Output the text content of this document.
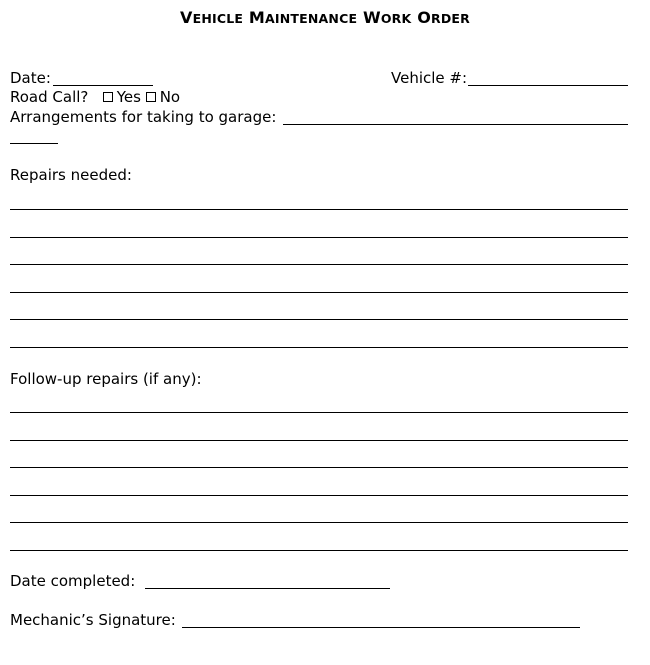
VEHICLE MAINTENANCE WORK ORDER
Date:	Vehicle #:
Road Call? Yes No
Arrangements for taking to garage:
Repairs needed:
Follow-up repairs (if any):
Date completed:
Mechanic’s Signature:
